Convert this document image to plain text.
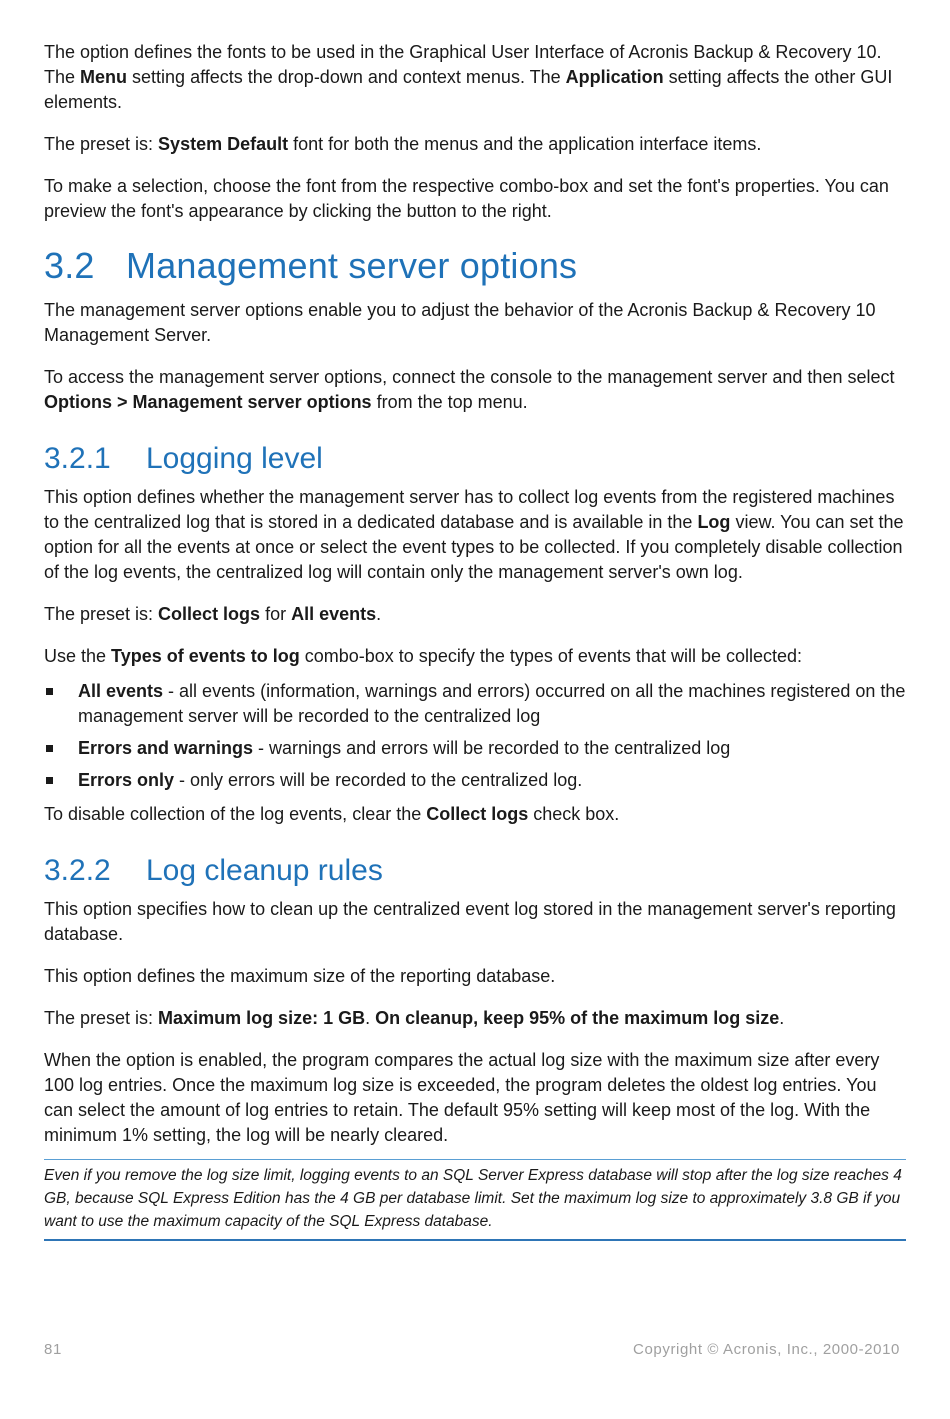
The option defines the fonts to be used in the Graphical User Interface of Acronis Backup & Recovery 10. The Menu setting affects the drop-down and context menus. The Application setting affects the other GUI elements.

The preset is: System Default font for both the menus and the application interface items.

To make a selection, choose the font from the respective combo-box and set the font's properties. You can preview the font's appearance by clicking the button to the right.

3.2 Management server options

The management server options enable you to adjust the behavior of the Acronis Backup & Recovery 10 Management Server.

To access the management server options, connect the console to the management server and then select Options > Management server options from the top menu.

3.2.1 Logging level

This option defines whether the management server has to collect log events from the registered machines to the centralized log that is stored in a dedicated database and is available in the Log view. You can set the option for all the events at once or select the event types to be collected. If you completely disable collection of the log events, the centralized log will contain only the management server's own log.

The preset is: Collect logs for All events.

Use the Types of events to log combo-box to specify the types of events that will be collected:

All events - all events (information, warnings and errors) occurred on all the machines registered on the management server will be recorded to the centralized log
Errors and warnings - warnings and errors will be recorded to the centralized log
Errors only - only errors will be recorded to the centralized log.

To disable collection of the log events, clear the Collect logs check box.

3.2.2 Log cleanup rules

This option specifies how to clean up the centralized event log stored in the management server's reporting database.

This option defines the maximum size of the reporting database.

The preset is: Maximum log size: 1 GB. On cleanup, keep 95% of the maximum log size.

When the option is enabled, the program compares the actual log size with the maximum size after every 100 log entries. Once the maximum log size is exceeded, the program deletes the oldest log entries. You can select the amount of log entries to retain. The default 95% setting will keep most of the log. With the minimum 1% setting, the log will be nearly cleared.

Even if you remove the log size limit, logging events to an SQL Server Express database will stop after the log size reaches 4 GB, because SQL Express Edition has the 4 GB per database limit. Set the maximum log size to approximately 3.8 GB if you want to use the maximum capacity of the SQL Express database.
81	Copyright © Acronis, Inc., 2000-2010
